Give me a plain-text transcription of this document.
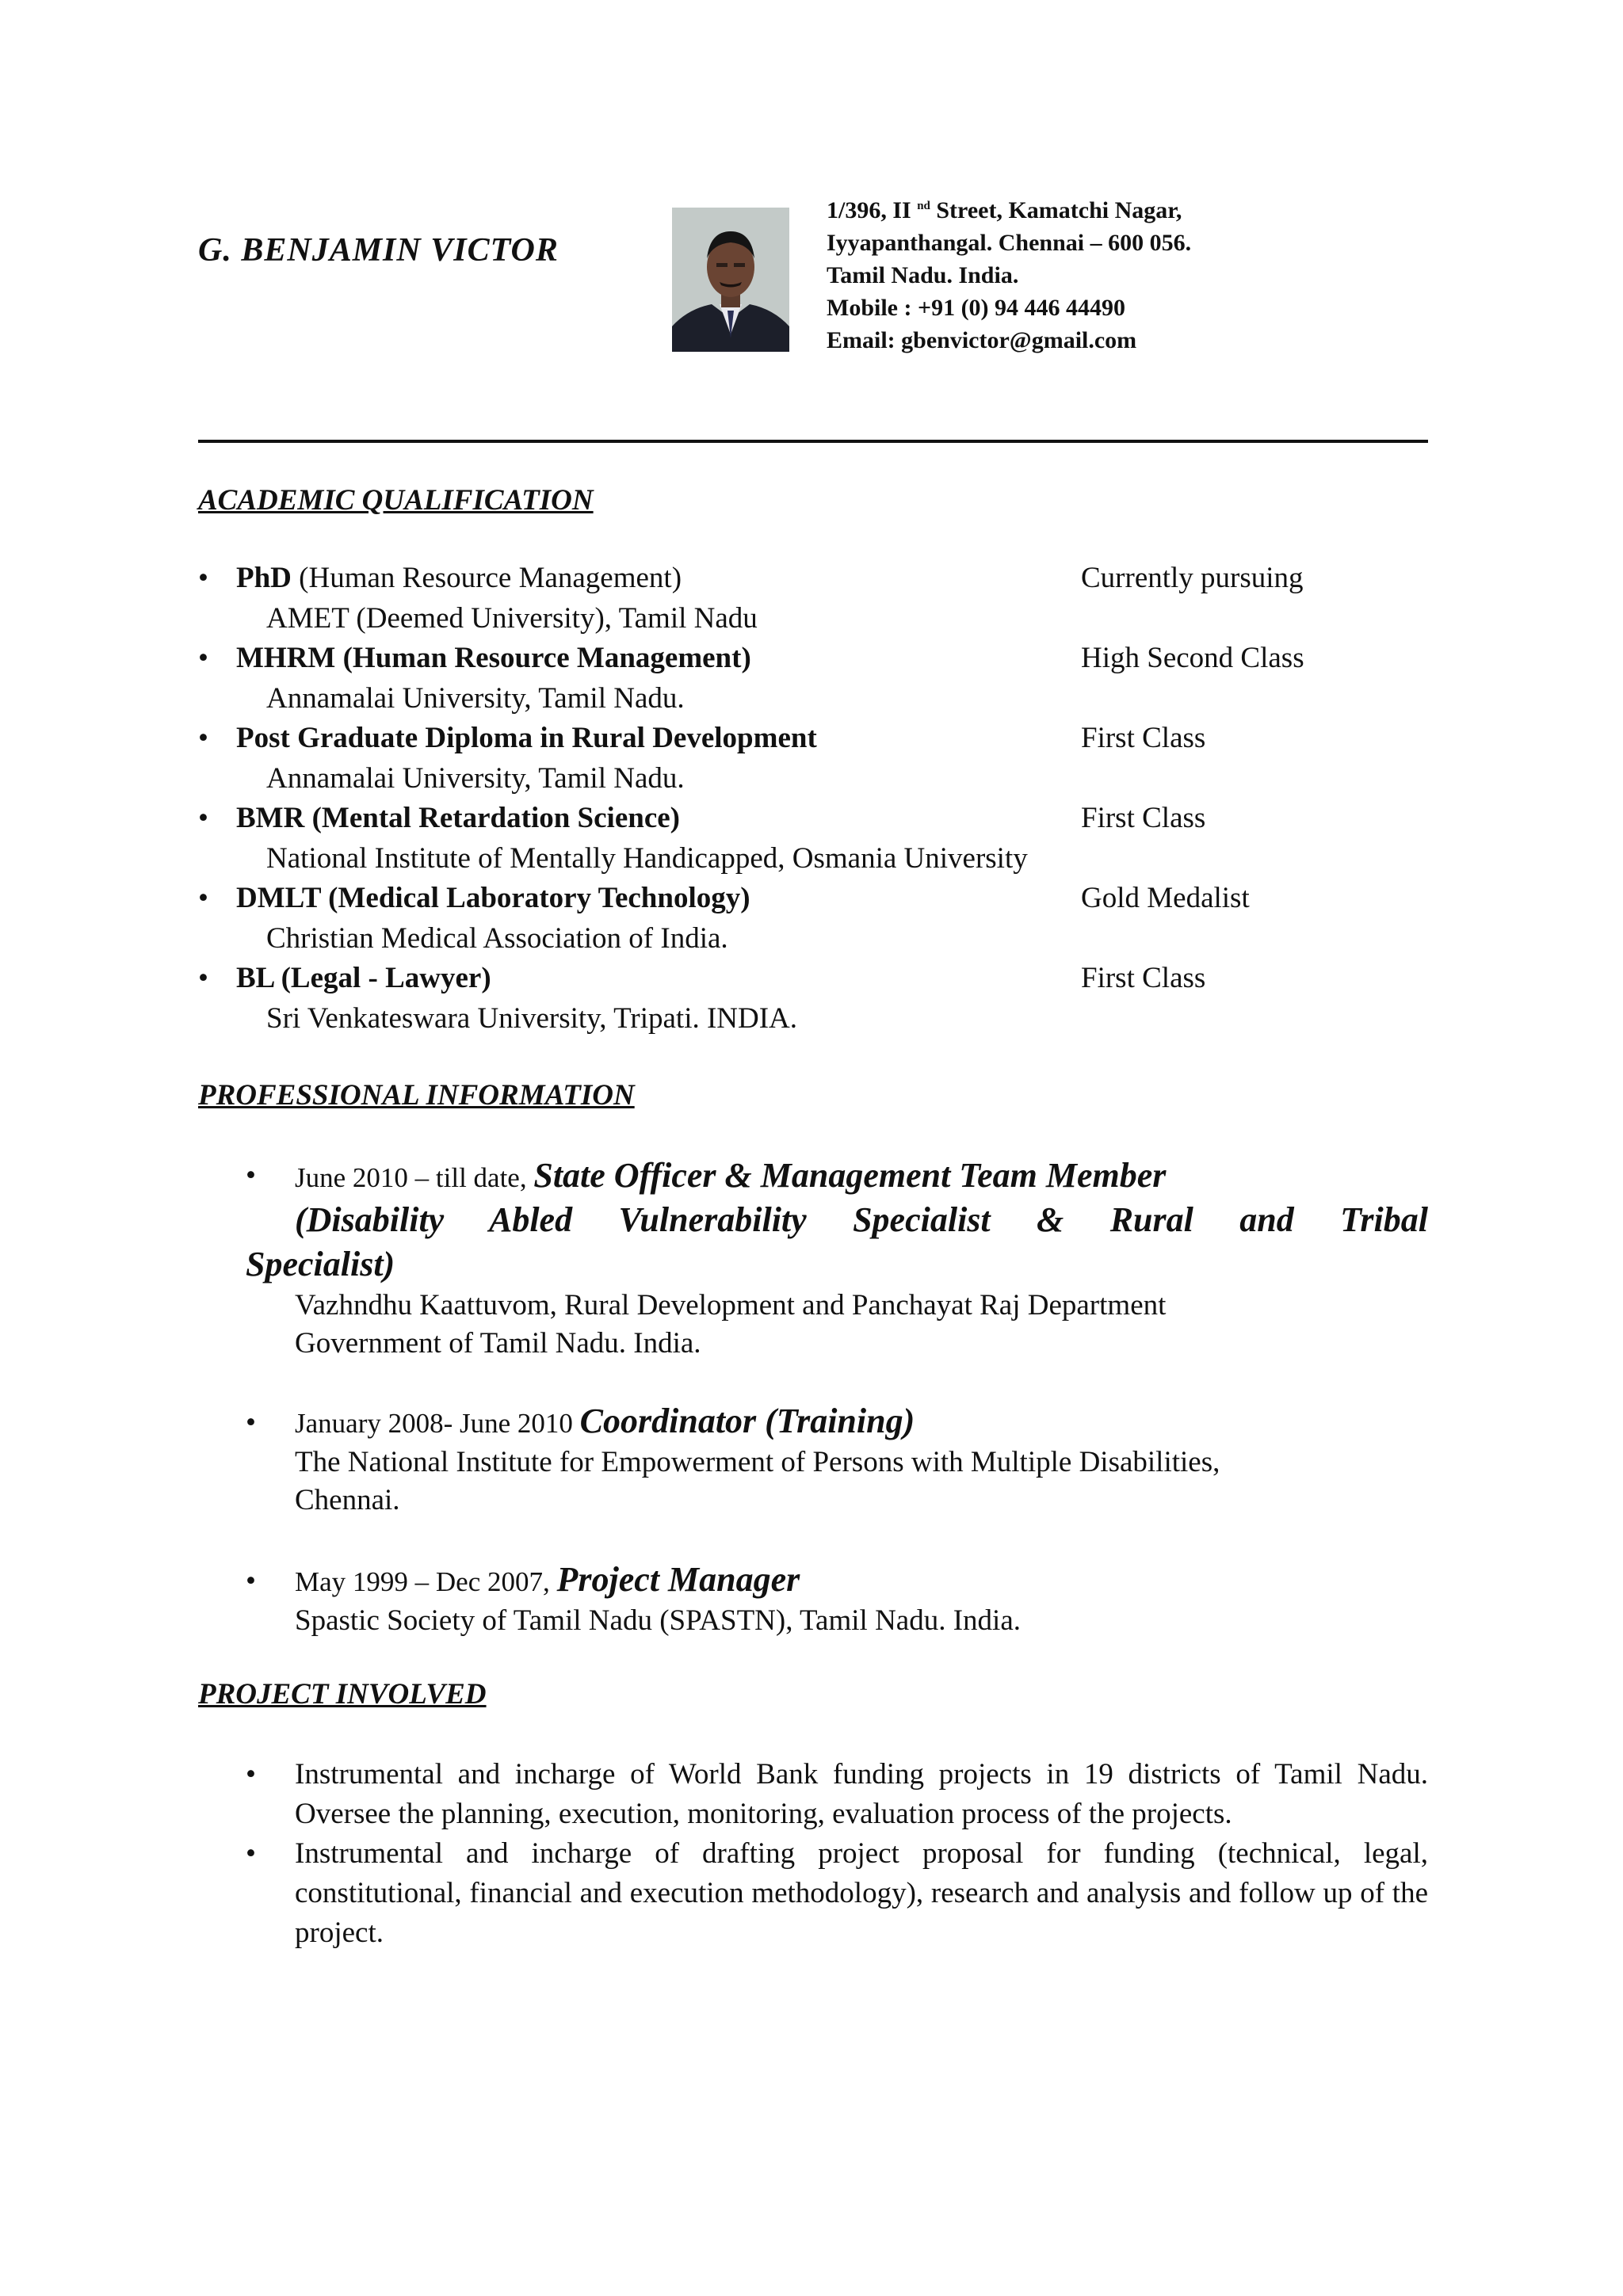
G. BENJAMIN VICTOR
1/396, II $^{nd}$ Street, Kamatchi Nagar,
Iyyapanthangal. Chennai – 600 056.
Tamil Nadu. India.
Mobile : +91 (0) 94 446 44490
Email: gbenvictor@gmail.com
ACADEMIC QUALIFICATION
• PhD (Human Resource Management)	Currently pursuing
AMET (Deemed University), Tamil Nadu
• MHRM (Human Resource Management)	High Second Class
Annamalai University, Tamil Nadu.
• Post Graduate Diploma in Rural Development	First Class
Annamalai University, Tamil Nadu.
• BMR (Mental Retardation Science)	First Class
National Institute of Mentally Handicapped, Osmania University
• DMLT (Medical Laboratory Technology)	Gold Medalist
Christian Medical Association of India.
• BL (Legal - Lawyer)	First Class
Sri Venkateswara University, Tripati. INDIA.
PROFESSIONAL INFORMATION
• June 2010 – till date, State Officer & Management Team Member
(Disability Abled Vulnerability Specialist & Rural and Tribal
Specialist)
Vazhndhu Kaattuvom, Rural Development and Panchayat Raj Department
Government of Tamil Nadu. India.
• January 2008- June 2010 Coordinator (Training)
The National Institute for Empowerment of Persons with Multiple Disabilities,
Chennai.
• May 1999 – Dec 2007, Project Manager
Spastic Society of Tamil Nadu (SPASTN), Tamil Nadu. India.
PROJECT INVOLVED
• Instrumental and incharge of World Bank funding projects in 19 districts of Tamil Nadu. Oversee the planning, execution, monitoring, evaluation process of the projects.
• Instrumental and incharge of drafting project proposal for funding (technical, legal, constitutional, financial and execution methodology), research and analysis and follow up of the project.
